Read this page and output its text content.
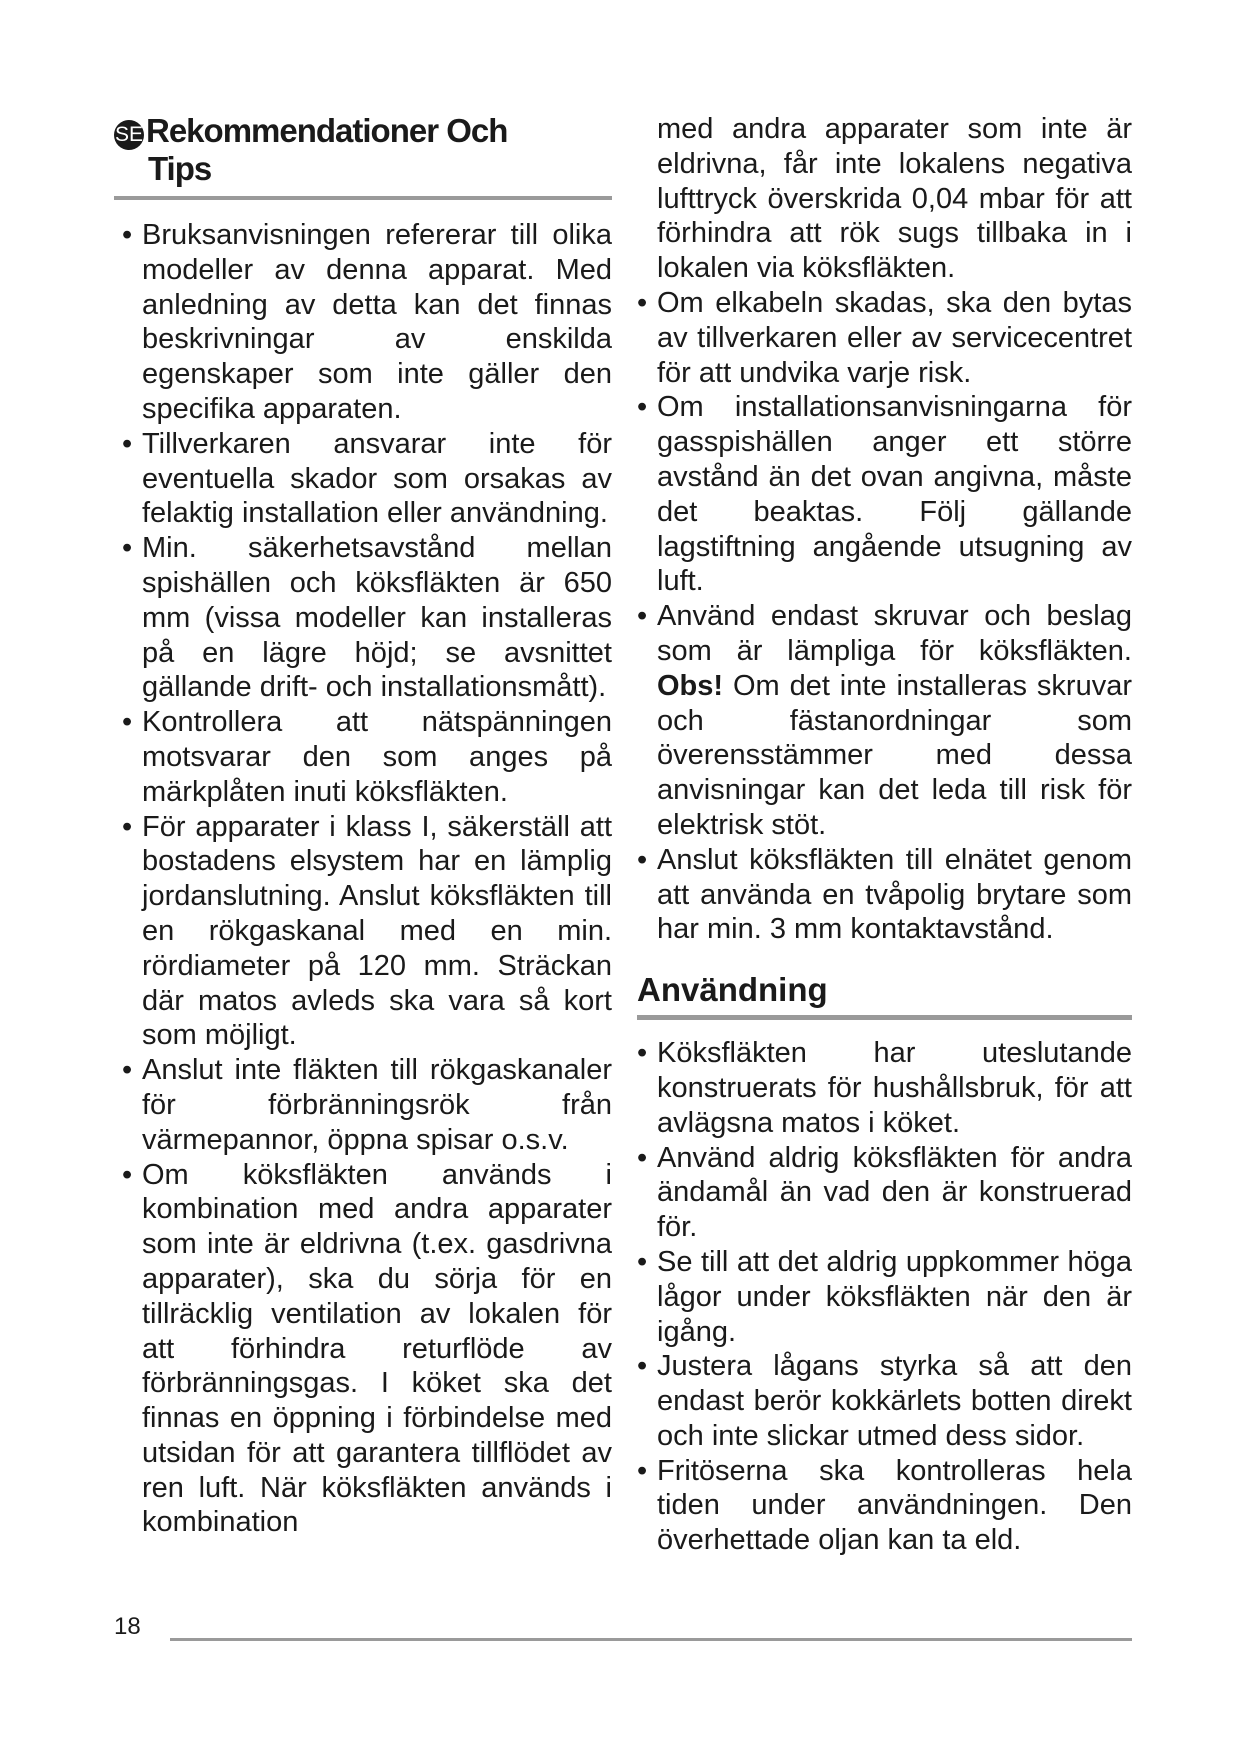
SERekommendationer Och
Tips
• Bruksanvisningen refererar till olika modeller av denna apparat. Med anledning av detta kan det finnas beskrivningar av enskilda egenskaper som inte gäller den specifika apparaten.
• Tillverkaren ansvarar inte för eventuella skador som orsakas av felaktig installation eller användning.
• Min. säkerhetsavstånd mellan spishällen och köksfläkten är 650 mm (vissa modeller kan installeras på en lägre höjd; se avsnittet gällande drift- och installationsmått).
• Kontrollera att nätspänningen motsvarar den som anges på märkplåten inuti köksfläkten.
• För apparater i klass I, säkerställ att bostadens elsystem har en lämplig jordanslutning. Anslut köksfläkten till en rökgaskanal med en min. rördiameter på 120 mm. Sträckan där matos avleds ska vara så kort som möjligt.
• Anslut inte fläkten till rökgaskanaler för förbränningsrök från värmepannor, öppna spisar o.s.v.
• Om köksfläkten används i kombination med andra apparater som inte är eldrivna (t.ex. gasdrivna apparater), ska du sörja för en tillräcklig ventilation av lokalen för att förhindra returflöde av förbränningsgas. I köket ska det finnas en öppning i förbindelse med utsidan för att garantera tillflödet av ren luft. När köksfläkten används i kombination
med andra apparater som inte är eldrivna, får inte lokalens negativa lufttryck överskrida 0,04 mbar för att förhindra att rök sugs tillbaka in i lokalen via köksfläkten.
• Om elkabeln skadas, ska den bytas av tillverkaren eller av servicecentret för att undvika varje risk.
• Om installationsanvisningarna för gasspishällen anger ett större avstånd än det ovan angivna, måste det beaktas. Följ gällande lagstiftning angående utsugning av luft.
• Använd endast skruvar och beslag som är lämpliga för köksfläkten. Obs! Om det inte installeras skruvar och fästanordningar som överensstämmer med dessa anvisningar kan det leda till risk för elektrisk stöt.
• Anslut köksfläkten till elnätet genom att använda en tvåpolig brytare som har min. 3 mm kontaktavstånd.
Användning
• Köksfläkten har uteslutande konstruerats för hushållsbruk, för att avlägsna matos i köket.
• Använd aldrig köksfläkten för andra ändamål än vad den är konstruerad för.
• Se till att det aldrig uppkommer höga lågor under köksfläkten när den är igång.
• Justera lågans styrka så att den endast berör kokkärlets botten direkt och inte slickar utmed dess sidor.
• Fritöserna ska kontrolleras hela tiden under användningen. Den överhettade oljan kan ta eld.
18
